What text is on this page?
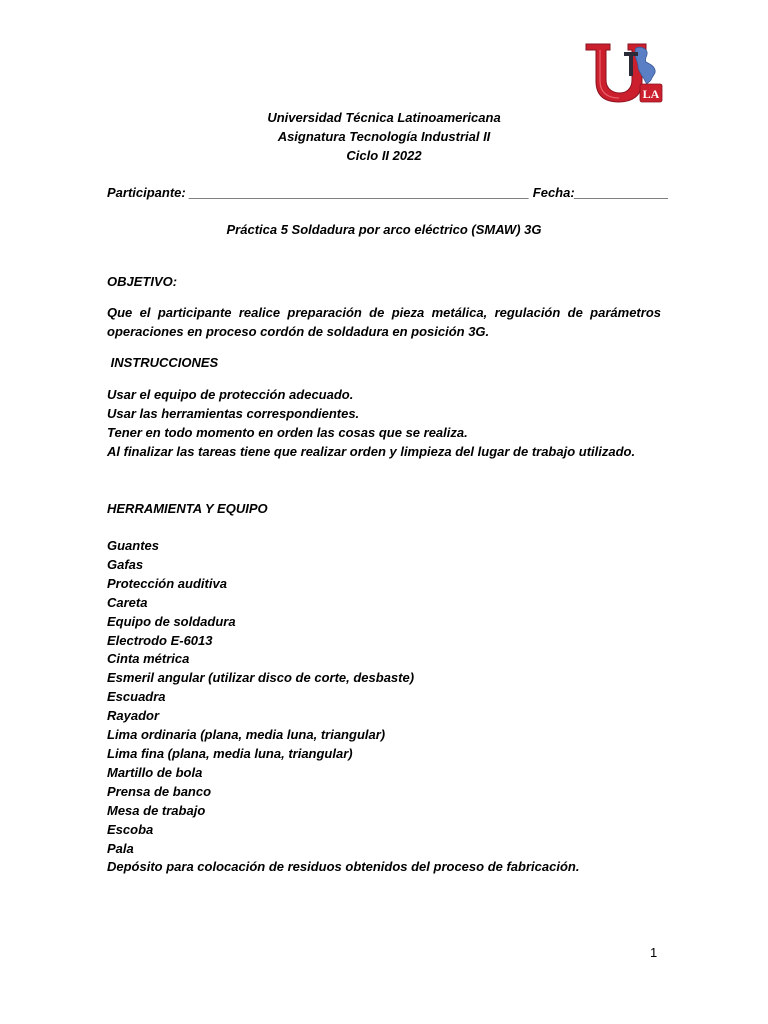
LA
Universidad Técnica Latinoamericana
Asignatura Tecnología Industrial II
Ciclo II 2022
Participante: _______________________________________________ Fecha:_____________
Práctica 5 Soldadura por arco eléctrico (SMAW) 3G
OBJETIVO:
Que el participante realice preparación de pieza metálica, regulación de parámetros operaciones en proceso cordón de soldadura en posición 3G.
INSTRUCCIONES
Usar el equipo de protección adecuado.
Usar las herramientas correspondientes.
Tener en todo momento en orden las cosas que se realiza.
Al finalizar las tareas tiene que realizar orden y limpieza del lugar de trabajo utilizado.
HERRAMIENTA Y EQUIPO
Guantes
Gafas
Protección auditiva
Careta
Equipo de soldadura
Electrodo E-6013
Cinta métrica
Esmeril angular (utilizar disco de corte, desbaste)
Escuadra
Rayador
Lima ordinaria (plana, media luna, triangular)
Lima fina (plana, media luna, triangular)
Martillo de bola
Prensa de banco
Mesa de trabajo
Escoba
Pala
Depósito para colocación de residuos obtenidos del proceso de fabricación.
1
